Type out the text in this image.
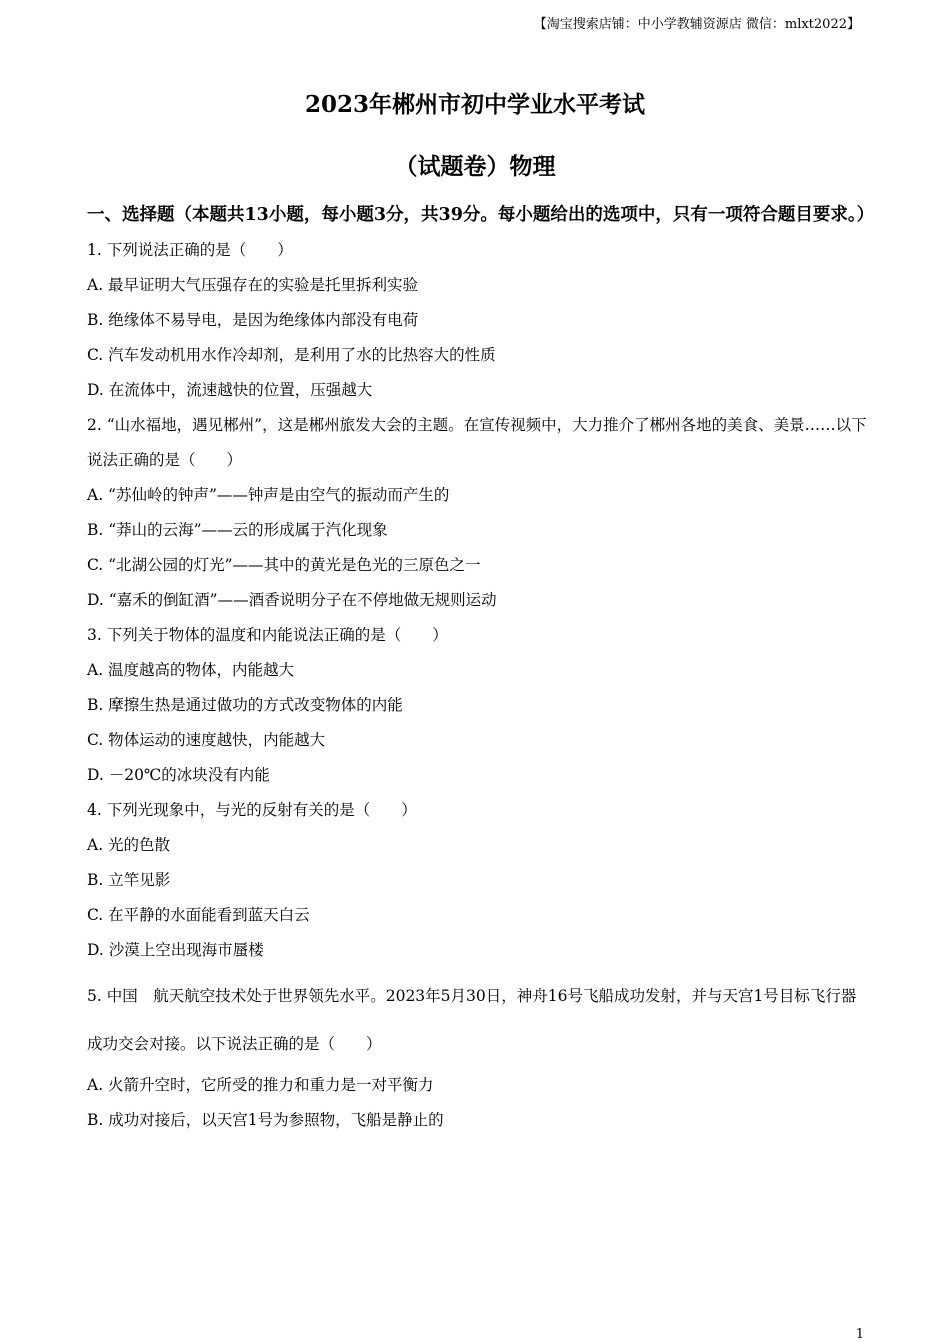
【淘宝搜索店铺：中小学教辅资源店 微信：mlxt2022】
2023年郴州市初中学业水平考试
（试题卷）物理

一、选择题（本题共13小题，每小题3分，共39分。每小题给出的选项中，只有一项符合题目要求。）

1. 下列说法正确的是（　　）

A. 最早证明大气压强存在的实验是托里拆利实验

B. 绝缘体不易导电，是因为绝缘体内部没有电荷

C. 汽车发动机用水作冷却剂，是利用了水的比热容大的性质

D. 在流体中，流速越快的位置，压强越大

2. “山水福地，遇见郴州”，这是郴州旅发大会的主题。在宣传视频中，大力推介了郴州各地的美食、美景……以下说法正确的是（　　）

A. “苏仙岭的钟声”——钟声是由空气的振动而产生的

B. “莽山的云海”——云的形成属于汽化现象

C. “北湖公园的灯光”——其中的黄光是色光的三原色之一

D. “嘉禾的倒缸酒”——酒香说明分子在不停地做无规则运动

3. 下列关于物体的温度和内能说法正确的是（　　）

A. 温度越高的物体，内能越大

B. 摩擦生热是通过做功的方式改变物体的内能

C. 物体运动的速度越快，内能越大

D. －20℃的冰块没有内能

4. 下列光现象中，与光的反射有关的是（　　）

A. 光的色散

B. 立竿见影

C. 在平静的水面能看到蓝天白云

D. 沙漠上空出现海市蜃楼

5. 中国　航天航空技术处于世界领先水平。2023年5月30日，神舟16号飞船成功发射，并与天宫1号目标飞行器成功交会对接。以下说法正确的是（　　）

A. 火箭升空时，它所受的推力和重力是一对平衡力

B. 成功对接后，以天宫1号为参照物，飞船是静止的

1
